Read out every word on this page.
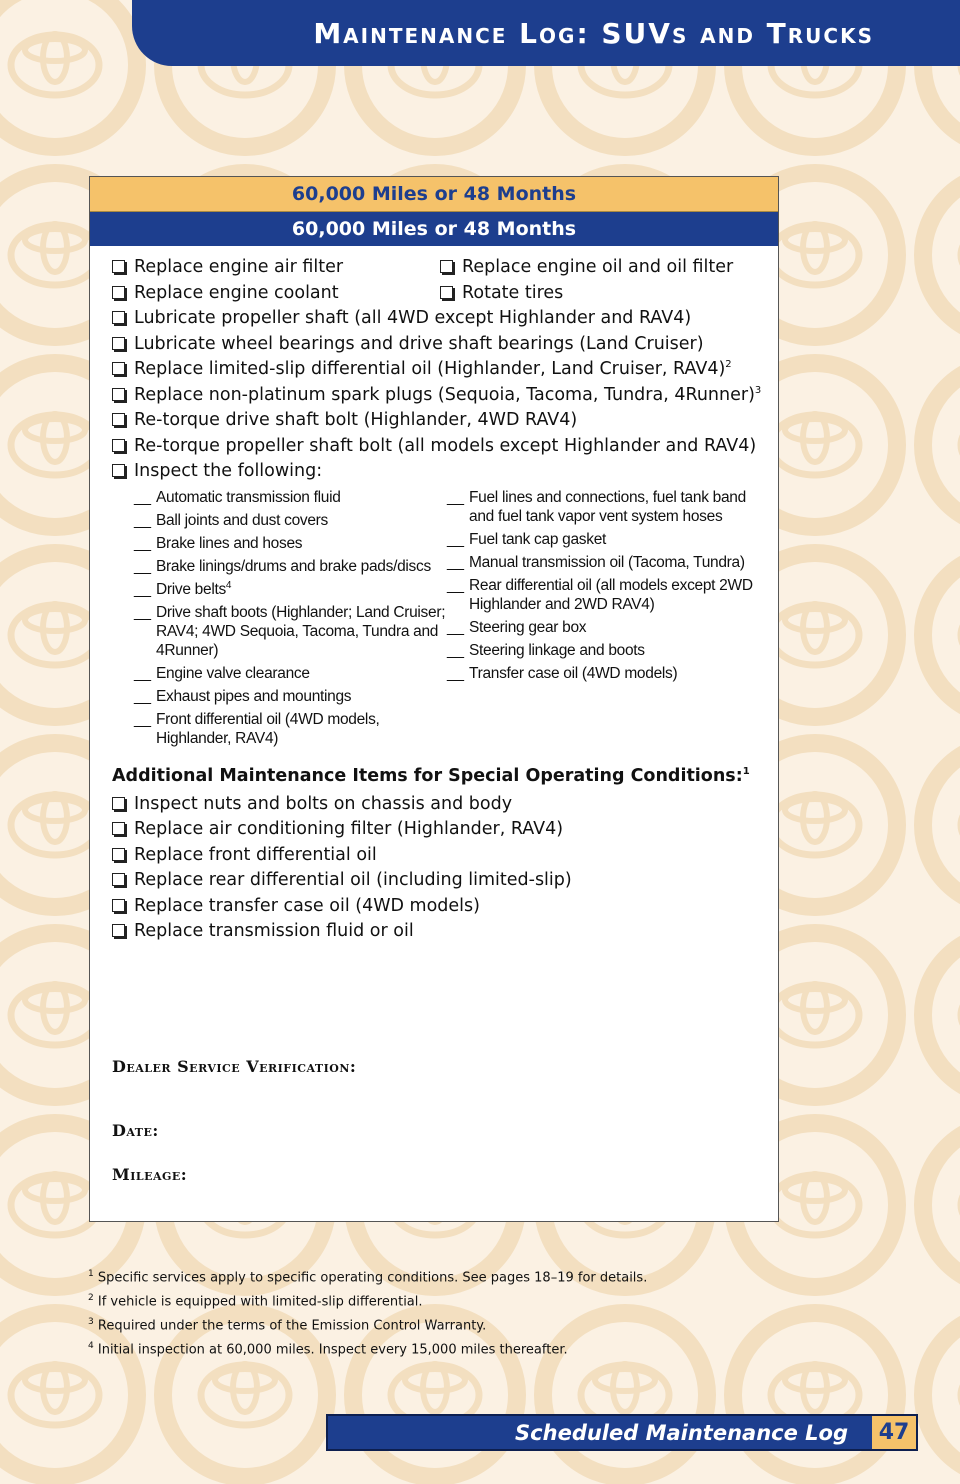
Maintenance Log: SUVs and Trucks
60,000 Miles or 48 Months
60,000 Miles or 48 Months
Replace engine air filter	Replace engine oil and oil filter
Replace engine coolant	Rotate tires
Lubricate propeller shaft (all 4WD except Highlander and RAV4)
Lubricate wheel bearings and drive shaft bearings (Land Cruiser)
Replace limited-slip differential oil (Highlander, Land Cruiser, RAV4)$^2$
Replace non-platinum spark plugs (Sequoia, Tacoma, Tundra, 4Runner)$^3$
Re-torque drive shaft bolt (Highlander, 4WD RAV4)
Re-torque propeller shaft bolt (all models except Highlander and RAV4)
Inspect the following:
__ Automatic transmission fluid
__ Ball joints and dust covers
__ Brake lines and hoses
__ Brake linings/drums and brake pads/discs
__ Drive belts$^4$
__ Drive shaft boots (Highlander; Land Cruiser; RAV4; 4WD Sequoia, Tacoma, Tundra and 4Runner)
__ Engine valve clearance
__ Exhaust pipes and mountings
__ Front differential oil (4WD models, Highlander, RAV4)
__ Fuel lines and connections, fuel tank band and fuel tank vapor vent system hoses
__ Fuel tank cap gasket
__ Manual transmission oil (Tacoma, Tundra)
__ Rear differential oil (all models except 2WD Highlander and 2WD RAV4)
__ Steering gear box
__ Steering linkage and boots
__ Transfer case oil (4WD models)
Additional Maintenance Items for Special Operating Conditions:$^1$
Inspect nuts and bolts on chassis and body
Replace air conditioning filter (Highlander, RAV4)
Replace front differential oil
Replace rear differential oil (including limited-slip)
Replace transfer case oil (4WD models)
Replace transmission fluid or oil
Dealer Service Verification:
Date:
Mileage:
$^1$ Specific services apply to specific operating conditions. See pages 18–19 for details.
$^2$ If vehicle is equipped with limited-slip differential.
$^3$ Required under the terms of the Emission Control Warranty.
$^4$ Initial inspection at 60,000 miles. Inspect every 15,000 miles thereafter.
Scheduled Maintenance Log	47
